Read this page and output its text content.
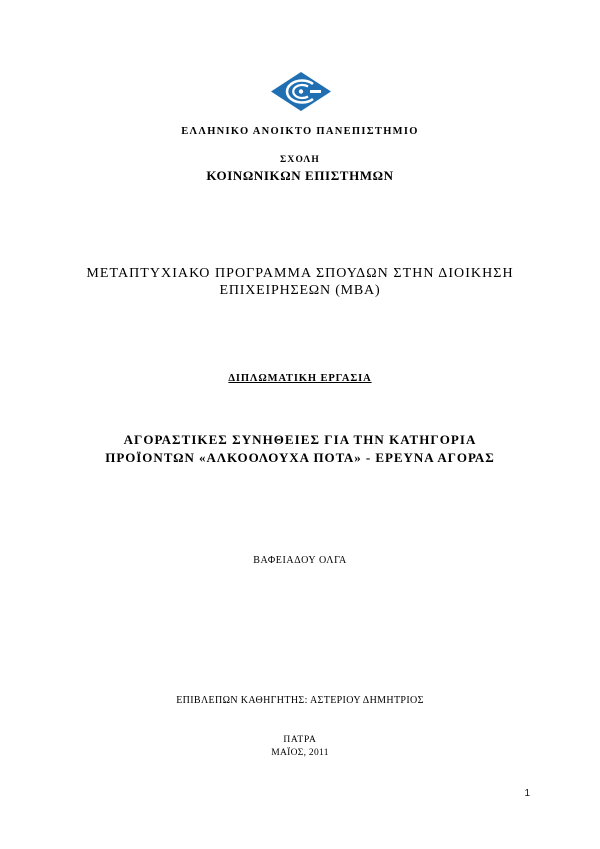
ΕΛΛΗΝΙΚΟ ΑΝΟΙΚΤΟ ΠΑΝΕΠΙΣΤΗΜΙΟ
ΣΧΟΛΗ
ΚΟΙΝΩΝΙΚΩΝ ΕΠΙΣΤΗΜΩΝ
ΜΕΤΑΠΤΥΧΙΑΚΟ ΠΡΟΓΡΑΜΜΑ ΣΠΟΥΔΩΝ ΣΤΗΝ ΔΙΟΙΚΗΣΗ
ΕΠΙΧΕΙΡΗΣΕΩΝ (ΜΒΑ)
ΔΙΠΛΩΜΑΤΙΚΗ ΕΡΓΑΣΙΑ
ΑΓΟΡΑΣΤΙΚΕΣ ΣΥΝΗΘΕΙΕΣ ΓΙΑ ΤΗΝ ΚΑΤΗΓΟΡΙΑ
ΠΡΟΪΟΝΤΩΝ «ΑΛΚΟΟΛΟΥΧΑ ΠΟΤΑ» - ΕΡΕΥΝΑ ΑΓΟΡΑΣ
ΒΑΦΕΙΑΔΟΥ ΟΛΓΑ
ΕΠΙΒΛΕΠΩΝ ΚΑΘΗΓΗΤΗΣ: ΑΣΤΕΡΙΟΥ ΔΗΜΗΤΡΙΟΣ
ΠΑΤΡΑ
ΜΑΪΟΣ, 2011
1
